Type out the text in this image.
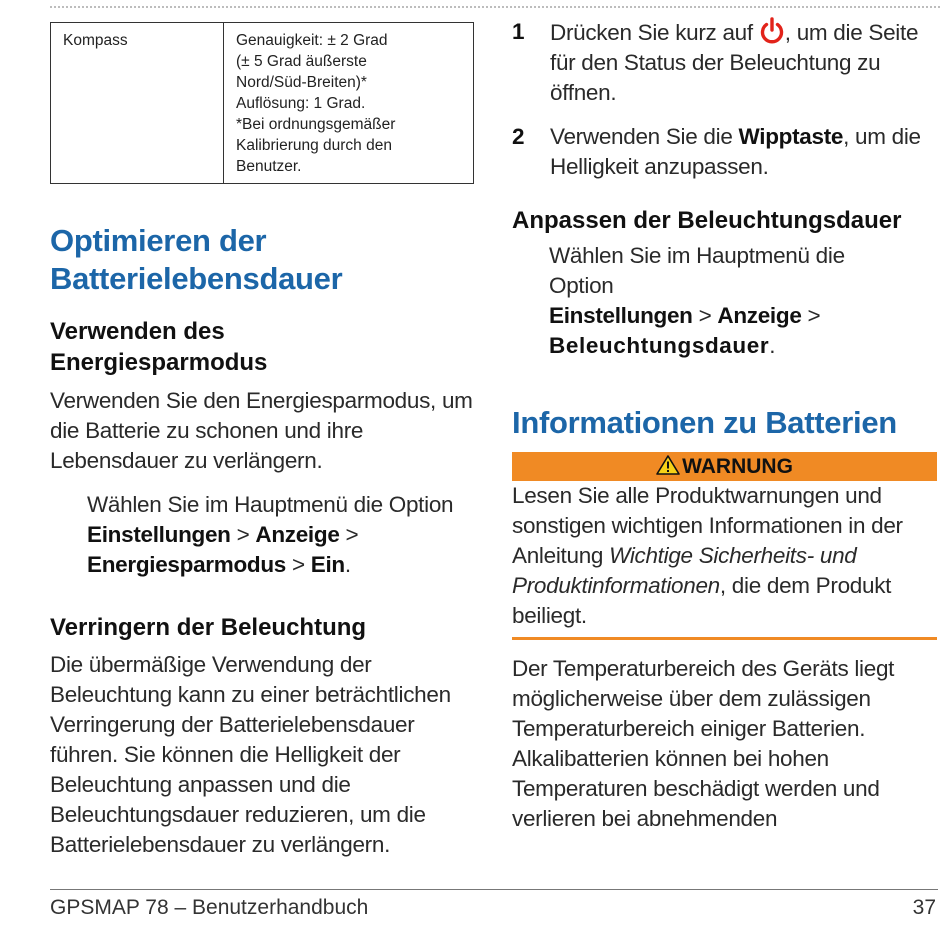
Kompass	Genauigkeit: ± 2 Grad
(± 5 Grad äußerste
Nord/Süd-Breiten)*
Auflösung: 1 Grad.
*Bei ordnungsgemäßer
Kalibrierung durch den
Benutzer.
Optimieren der
Batterielebensdauer
Verwenden des
Energiesparmodus

Verwenden Sie den Energiesparmodus, um die Batterie zu schonen und ihre Lebensdauer zu verlängern.

Wählen Sie im Hauptmenü die Option Einstellungen > Anzeige > Energiesparmodus > Ein.

Verringern der Beleuchtung

Die übermäßige Verwendung der Beleuchtung kann zu einer beträchtlichen Verringerung der Batterielebensdauer führen. Sie können die Helligkeit der Beleuchtung anpassen und die Beleuchtungsdauer reduzieren, um die Batterielebensdauer zu verlängern.

1 Drücken Sie kurz auf , um die Seite für den Status der Beleuchtung zu öffnen.
2 Verwenden Sie die Wipptaste, um die Helligkeit anzupassen.
Anpassen der Beleuchtungsdauer

Wählen Sie im Hauptmenü die
Option
Einstellungen > Anzeige >
Beleuchtungsdauer.

Informationen zu Batterien
WARNUNG

Lesen Sie alle Produktwarnungen und sonstigen wichtigen Informationen in der Anleitung Wichtige Sicherheits- und Produktinformationen, die dem Produkt beiliegt.

Der Temperaturbereich des Geräts liegt möglicherweise über dem zulässigen Temperaturbereich einiger Batterien. Alkalibatterien können bei hohen Temperaturen beschädigt werden und verlieren bei abnehmenden

GPSMAP 78 – Benutzerhandbuch	37
